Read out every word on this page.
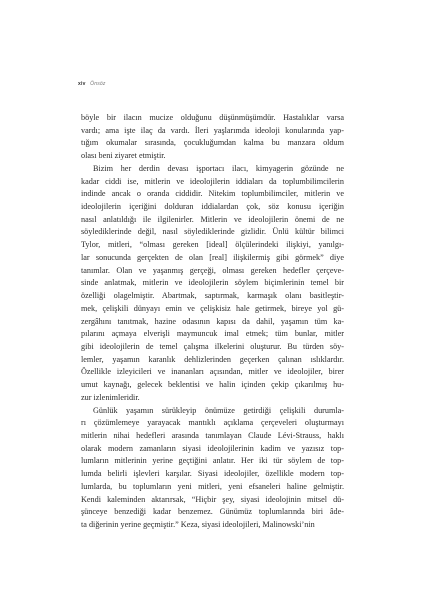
xiv Önsöz
böyle bir ilacın mucize olduğunu düşünmüşümdür. Hastalıklar varsa
vardı; ama işte ilaç da vardı. İleri yaşlarımda ideoloji konularında yap-
tığım okumalar sırasında, çocukluğumdan kalma bu manzara oldum
olası beni ziyaret etmiştir.
Bizim her derdin devası işportacı ilacı, kimyagerin gözünde ne
kadar ciddi ise, mitlerin ve ideolojilerin iddiaları da toplumbilimcilerin
indinde ancak o oranda ciddidir. Nitekim toplumbilimciler, mitlerin ve
ideolojilerin içeriğini dolduran iddialardan çok, söz konusu içeriğin
nasıl anlatıldığı ile ilgilenirler. Mitlerin ve ideolojilerin önemi de ne
söylediklerinde değil, nasıl söylediklerinde gizlidir. Ünlü kültür bilimci
Tylor, mitleri, “olması gereken [ideal] ölçülerindeki ilişkiyi, yanılgı-
lar sonucunda gerçekten de olan [real] ilişkilermiş gibi görmek” diye
tanımlar. Olan ve yaşanmış gerçeği, olması gereken hedefler çerçeve-
sinde anlatmak, mitlerin ve ideolojilerin söylem biçimlerinin temel bir
özelliği olagelmiştir. Abartmak, saptırmak, karmaşık olanı basitleştir-
mek, çelişkili dünyayı emin ve çelişkisiz hale getirmek, bireye yol gü-
zergâhını tanıtmak, hazine odasının kapısı da dahil, yaşamın tüm ka-
pılarını açmaya elverişli maymuncuk imal etmek; tüm bunlar, mitler
gibi ideolojilerin de temel çalışma ilkelerini oluşturur. Bu türden söy-
lemler, yaşamın karanlık dehlizlerinden geçerken çalınan ıslıklardır.
Özellikle izleyicileri ve inananları açısından, mitler ve ideolojiler, birer
umut kaynağı, gelecek beklentisi ve halin içinden çekip çıkarılmış hu-
zur izlenimleridir.
Günlük yaşamın sürükleyip önümüze getirdiği çelişkili durumla-
rı çözümlemeye yarayacak mantıklı açıklama çerçeveleri oluşturmayı
mitlerin nihai hedefleri arasında tanımlayan Claude Lévi-Strauss, haklı
olarak modern zamanların siyasi ideolojilerinin kadim ve yazısız top-
lumların mitlerinin yerine geçtiğini anlatır. Her iki tür söylem de top-
lumda belirli işlevleri karşılar. Siyasi ideolojiler, özellikle modern top-
lumlarda, bu toplumların yeni mitleri, yeni efsaneleri haline gelmiştir.
Kendi kaleminden aktarırsak, “Hiçbir şey, siyasi ideolojinin mitsel dü-
şünceye benzediği kadar benzemez. Günümüz toplumlarında biri âde-
ta diğerinin yerine geçmiştir.” Keza, siyasi ideolojileri, Malinowski’nin
